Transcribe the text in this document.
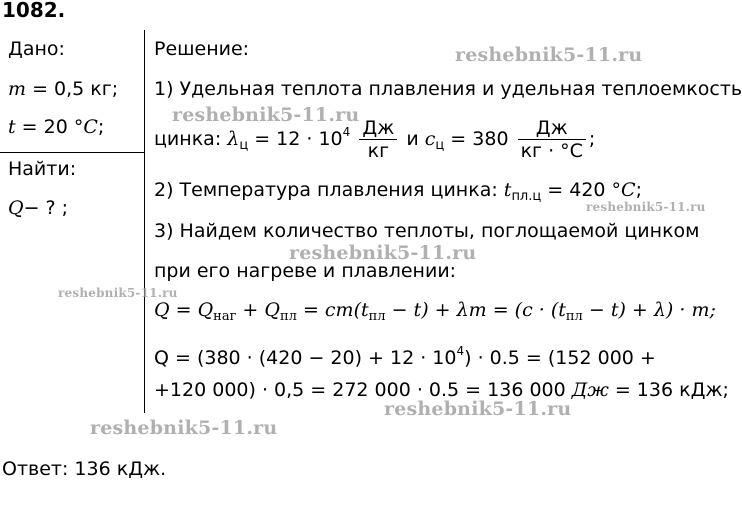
1082.
Дано:
m = 0,5 кг;
t = 20 °C;
Найти:
Q− ? ;
Решение:
1) Удельная теплота плавления и удельная теплоемкость
цинка: $\lambda_ц = 12 \cdot 10^4 \frac{Дж}{кг}$ и $c_ц = 380 \frac{Дж}{кг \cdot ^\circ C}$ ;
2) Температура плавления цинка: $t_{пл.ц} = 420$ °C;
3) Найдем количество теплоты, поглощаемой цинком
при его нагреве и плавлении:
$Q = Q_{наг} + Q_{пл} = cm(t_{пл} - t) + \lambda m = (c \cdot (t_{пл} - t) + \lambda) \cdot m$;
$Q = (380 \cdot (420 - 20) + 12 \cdot 10^4) \cdot 0.5 = (152$ 000 +
+120 000) · 0,5 = 272 000 · 0.5 = 136 000 Дж = 136 кДж;
Ответ: 136 кДж.
reshebnik5-11.ru
reshebnik5-11.ru
reshebnik5-11.ru
reshebnik5-11.ru
reshebnik5-11.ru
reshebnik5-11.ru
reshebnik5-11.ru
